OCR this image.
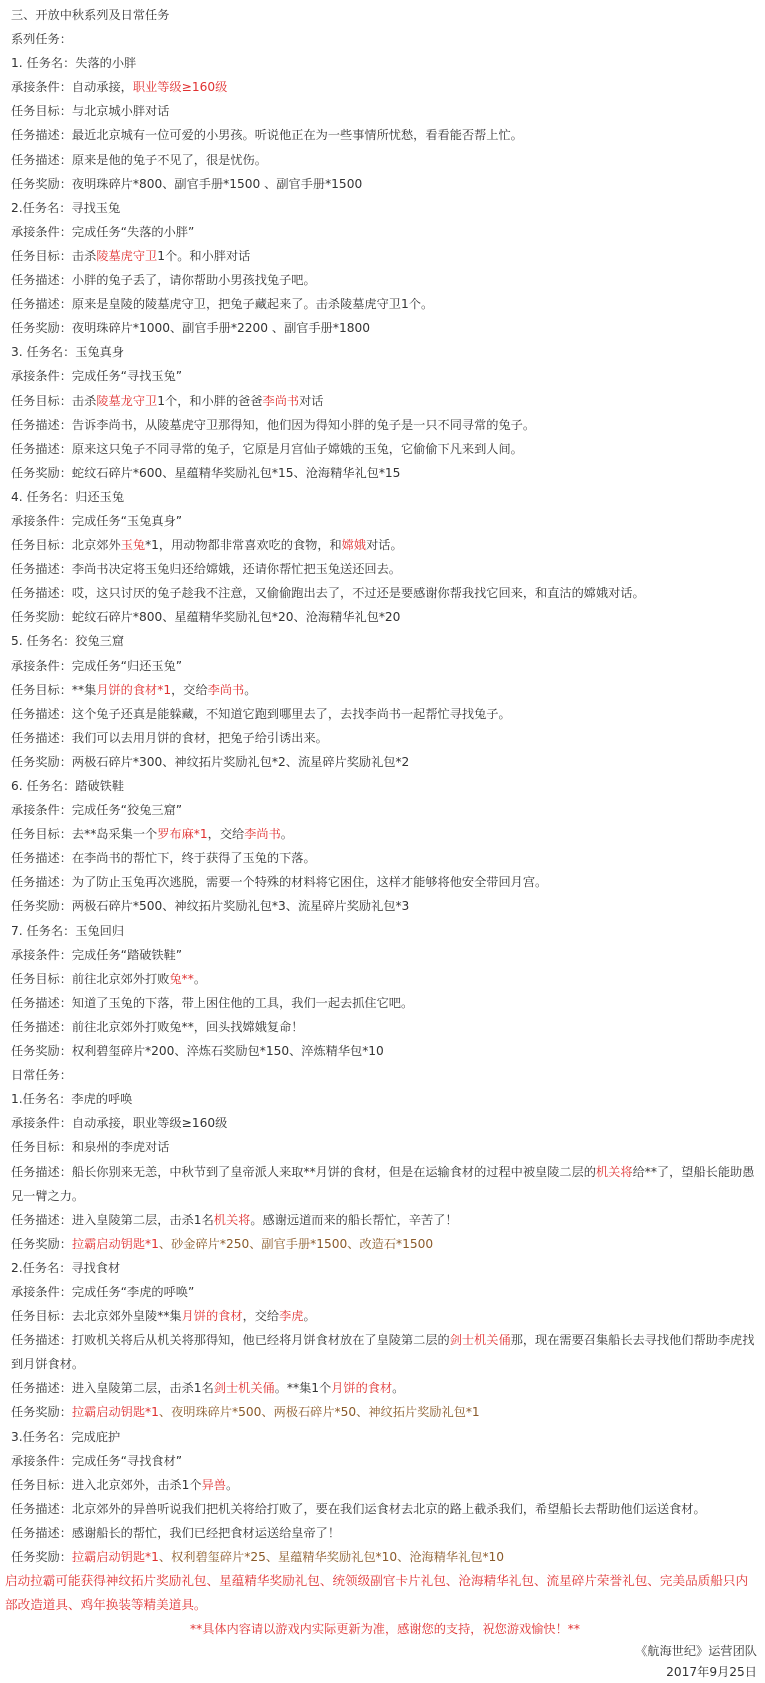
三、开放中秋系列及日常任务
系列任务：
1. 任务名：失落的小胖
承接条件：自动承接，职业等级≥160级
任务目标：与北京城小胖对话
任务描述：最近北京城有一位可爱的小男孩。听说他正在为一些事情所忧愁，看看能否帮上忙。
任务描述：原来是他的兔子不见了，很是忧伤。
任务奖励：夜明珠碎片*800、副官手册*1500 、副官手册*1500
2.任务名：寻找玉兔
承接条件：完成任务“失落的小胖”
任务目标：击杀陵墓虎守卫1个。和小胖对话
任务描述：小胖的兔子丢了，请你帮助小男孩找兔子吧。
任务描述：原来是皇陵的陵墓虎守卫，把兔子藏起来了。击杀陵墓虎守卫1个。
任务奖励：夜明珠碎片*1000、副官手册*2200 、副官手册*1800
3. 任务名：玉兔真身
承接条件：完成任务“寻找玉兔”
任务目标：击杀陵墓龙守卫1个，和小胖的爸爸李尚书对话
任务描述：告诉李尚书，从陵墓虎守卫那得知，他们因为得知小胖的兔子是一只不同寻常的兔子。
任务描述：原来这只兔子不同寻常的兔子，它原是月宫仙子嫦娥的玉兔，它偷偷下凡来到人间。
任务奖励：蛇纹石碎片*600、星蕴精华奖励礼包*15、沧海精华礼包*15
4. 任务名：归还玉兔
承接条件：完成任务“玉兔真身”
任务目标：北京郊外玉兔*1，用动物都非常喜欢吃的食物，和嫦娥对话。
任务描述：李尚书决定将玉兔归还给嫦娥，还请你帮忙把玉兔送还回去。
任务描述：哎，这只讨厌的兔子趁我不注意，又偷偷跑出去了，不过还是要感谢你帮我找它回来，和直沽的嫦娥对话。
任务奖励：蛇纹石碎片*800、星蕴精华奖励礼包*20、沧海精华礼包*20
5. 任务名：狡兔三窟
承接条件：完成任务“归还玉兔”
任务目标：**集月饼的食材*1，交给李尚书。
任务描述：这个兔子还真是能躲藏，不知道它跑到哪里去了，去找李尚书一起帮忙寻找兔子。
任务描述：我们可以去用月饼的食材，把兔子给引诱出来。
任务奖励：两极石碎片*300、神纹拓片奖励礼包*2、流星碎片奖励礼包*2
6. 任务名：踏破铁鞋
承接条件：完成任务“狡兔三窟”
任务目标：去**岛采集一个罗布麻*1，交给李尚书。
任务描述：在李尚书的帮忙下，终于获得了玉兔的下落。
任务描述：为了防止玉兔再次逃脱，需要一个特殊的材料将它困住，这样才能够将他安全带回月宫。
任务奖励：两极石碎片*500、神纹拓片奖励礼包*3、流星碎片奖励礼包*3
7. 任务名：玉兔回归
承接条件：完成任务“踏破铁鞋”
任务目标：前往北京郊外打败兔**。
任务描述：知道了玉兔的下落，带上困住他的工具，我们一起去抓住它吧。
任务描述：前往北京郊外打败兔**，回头找嫦娥复命！
任务奖励：权利碧玺碎片*200、淬炼石奖励包*150、淬炼精华包*10
日常任务：
1.任务名：李虎的呼唤
承接条件：自动承接，职业等级≥160级
任务目标：和泉州的李虎对话
任务描述：船长你别来无恙，中秋节到了皇帝派人来取**月饼的食材，但是在运输食材的过程中被皇陵二层的机关将给**了，望船长能助愚兄一臂之力。
任务描述：进入皇陵第二层，击杀1名机关将。感谢远道而来的船长帮忙，辛苦了！
任务奖励：拉霸启动钥匙*1、砂金碎片*250、副官手册*1500、改造石*1500
2.任务名：寻找食材
承接条件：完成任务“李虎的呼唤”
任务目标：去北京郊外皇陵**集月饼的食材，交给李虎。
任务描述：打败机关将后从机关将那得知，他已经将月饼食材放在了皇陵第二层的剑士机关俑那，现在需要召集船长去寻找他们帮助李虎找到月饼食材。
任务描述：进入皇陵第二层，击杀1名剑士机关俑。**集1个月饼的食材。
任务奖励：拉霸启动钥匙*1、夜明珠碎片*500、两极石碎片*50、神纹拓片奖励礼包*1
3.任务名：完成庇护
承接条件：完成任务“寻找食材”
任务目标：进入北京郊外，击杀1个异兽。
任务描述：北京郊外的异兽听说我们把机关将给打败了，要在我们运食材去北京的路上截杀我们，希望船长去帮助他们运送食材。
任务描述：感谢船长的帮忙，我们已经把食材运送给皇帝了！
任务奖励：拉霸启动钥匙*1、权利碧玺碎片*25、星蕴精华奖励礼包*10、沧海精华礼包*10
启动拉霸可能获得神纹拓片奖励礼包、星蕴精华奖励礼包、统领级副官卡片礼包、沧海精华礼包、流星碎片荣誉礼包、完美品质船只内部改造道具、鸡年换装等精美道具。
**具体内容请以游戏内实际更新为准，感谢您的支持，祝您游戏愉快！**
《航海世纪》运营团队
2017年9月25日
